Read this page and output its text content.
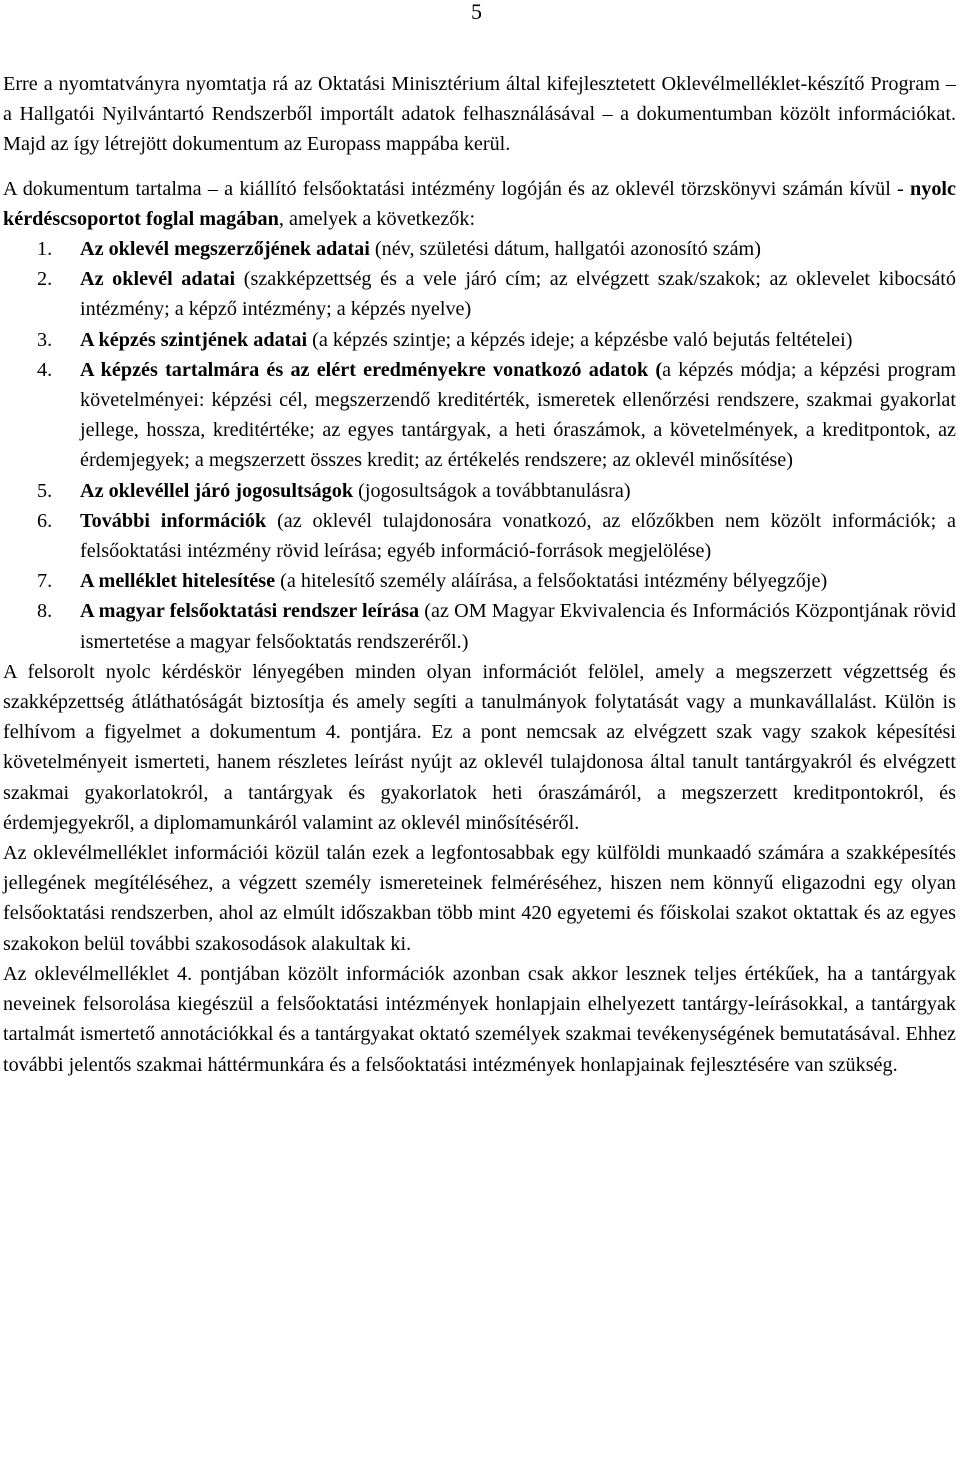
5

Erre a nyomtatványra nyomtatja rá az Oktatási Minisztérium által kifejlesztetett Oklevélmelléklet-készítő Program – a Hallgatói Nyilvántartó Rendszerből importált adatok felhasználásával – a dokumentumban közölt információkat. Majd az így létrejött dokumentum az Europass mappába kerül.

A dokumentum tartalma – a kiállító felsőoktatási intézmény logóján és az oklevél törzskönyvi számán kívül - nyolc kérdéscsoportot foglal magában, amelyek a következők:

1. Az oklevél megszerzőjének adatai (név, születési dátum, hallgatói azonosító szám)
2. Az oklevél adatai (szakképzettség és a vele járó cím; az elvégzett szak/szakok; az oklevelet kibocsátó intézmény; a képző intézmény; a képzés nyelve)
3. A képzés szintjének adatai (a képzés szintje; a képzés ideje; a képzésbe való bejutás feltételei)
4. A képzés tartalmára és az elért eredményekre vonatkozó adatok (a képzés módja; a képzési program követelményei: képzési cél, megszerzendő kreditérték, ismeretek ellenőrzési rendszere, szakmai gyakorlat jellege, hossza, kreditértéke; az egyes tantárgyak, a heti óraszámok, a követelmények, a kreditpontok, az érdemjegyek; a megszerzett összes kredit; az értékelés rendszere; az oklevél minősítése)
5. Az oklevéllel járó jogosultságok (jogosultságok a továbbtanulásra)
6. További információk (az oklevél tulajdonosára vonatkozó, az előzőkben nem közölt információk; a felsőoktatási intézmény rövid leírása; egyéb információ-források megjelölése)
7. A melléklet hitelesítése (a hitelesítő személy aláírása, a felsőoktatási intézmény bélyegzője)
8. A magyar felsőoktatási rendszer leírása (az OM Magyar Ekvivalencia és Információs Központjának rövid ismertetése a magyar felsőoktatás rendszeréről.)

A felsorolt nyolc kérdéskör lényegében minden olyan információt felölel, amely a megszerzett végzettség és szakképzettség átláthatóságát biztosítja és amely segíti a tanulmányok folytatását vagy a munkavállalást. Külön is felhívom a figyelmet a dokumentum 4. pontjára. Ez a pont nemcsak az elvégzett szak vagy szakok képesítési követelményeit ismerteti, hanem részletes leírást nyújt az oklevél tulajdonosa által tanult tantárgyakról és elvégzett szakmai gyakorlatokról, a tantárgyak és gyakorlatok heti óraszámáról, a megszerzett kreditpontokról, és érdemjegyekről, a diplomamunkáról valamint az oklevél minősítéséről.

Az oklevélmelléklet információi közül talán ezek a legfontosabbak egy külföldi munkaadó számára a szakképesítés jellegének megítéléséhez, a végzett személy ismereteinek felméréséhez, hiszen nem könnyű eligazodni egy olyan felsőoktatási rendszerben, ahol az elmúlt időszakban több mint 420 egyetemi és főiskolai szakot oktattak és az egyes szakokon belül további szakosodások alakultak ki.

Az oklevélmelléklet 4. pontjában közölt információk azonban csak akkor lesznek teljes értékűek, ha a tantárgyak neveinek felsorolása kiegészül a felsőoktatási intézmények honlapjain elhelyezett tantárgy-leírásokkal, a tantárgyak tartalmát ismertető annotációkkal és a tantárgyakat oktató személyek szakmai tevékenységének bemutatásával. Ehhez további jelentős szakmai háttérmunkára és a felsőoktatási intézmények honlapjainak fejlesztésére van szükség.
